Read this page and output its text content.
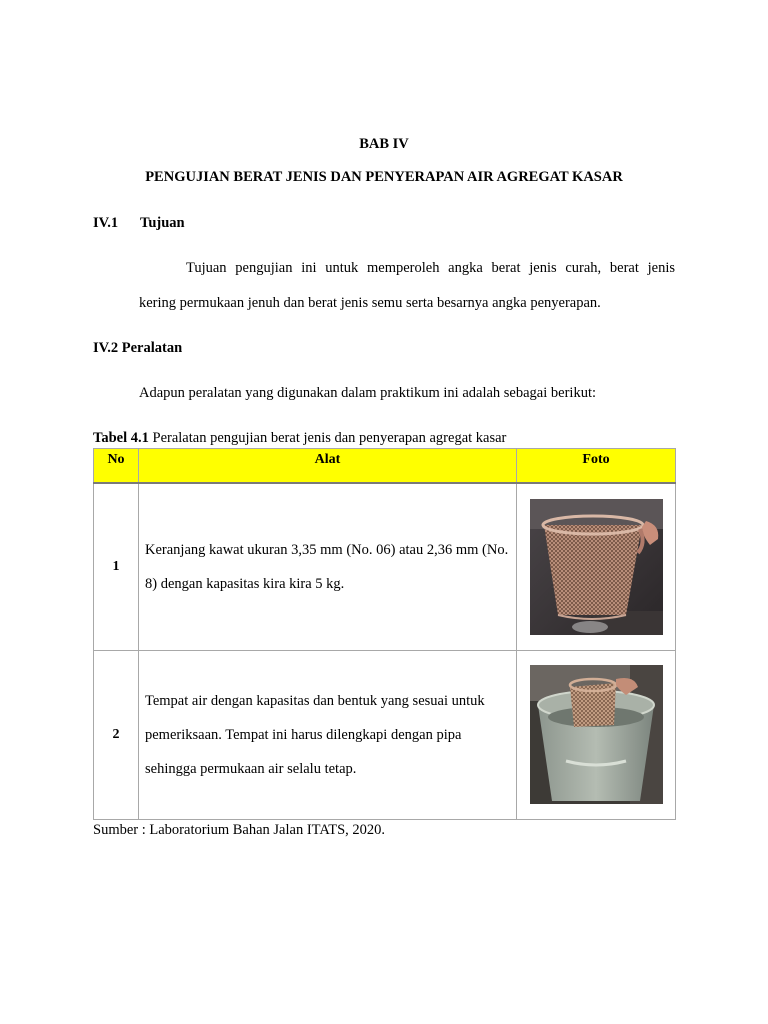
BAB IV
PENGUJIAN BERAT JENIS DAN PENYERAPAN AIR AGREGAT KASAR
IV.1 Tujuan
Tujuan pengujian ini untuk memperoleh angka berat jenis curah, berat jenis
kering permukaan jenuh dan berat jenis semu serta besarnya angka penyerapan.
IV.2 Peralatan
Adapun peralatan yang digunakan dalam praktikum ini adalah sebagai berikut:
Tabel 4.1 Peralatan pengujian berat jenis dan penyerapan agregat kasar
No	Alat	Foto
1	Keranjang kawat ukuran 3,35 mm (No. 06) atau 2,36 mm (No. 8) dengan kapasitas kira kira 5 kg.	

2	Tempat air dengan kapasitas dan bentuk yang sesuai untuk pemeriksaan. Tempat ini harus dilengkapi dengan pipa sehingga permukaan air selalu tetap.	
Sumber : Laboratorium Bahan Jalan ITATS, 2020.
